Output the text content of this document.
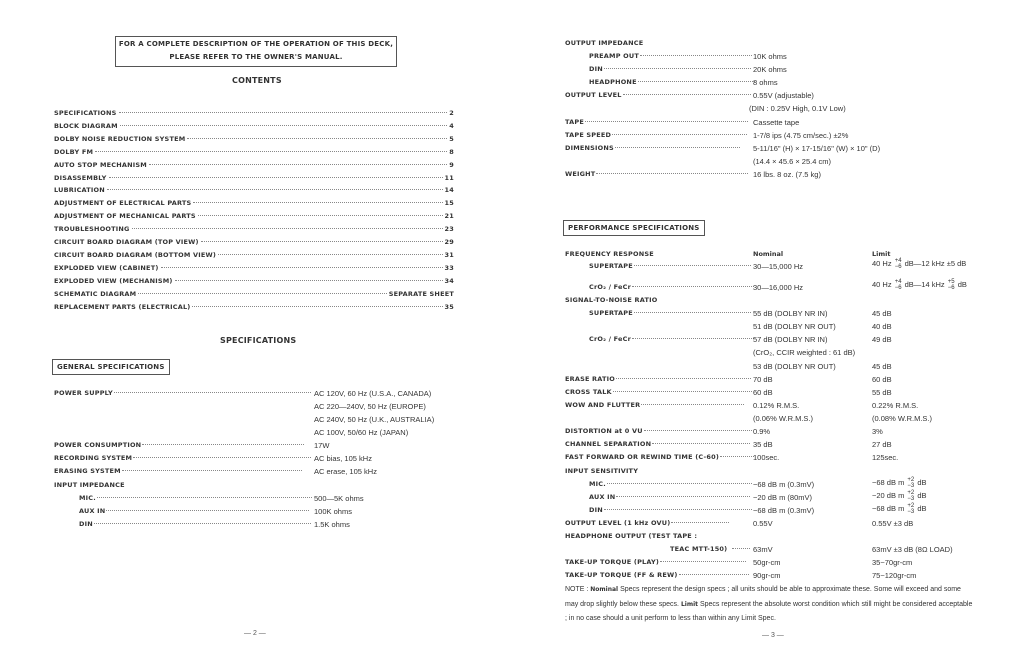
FOR A COMPLETE DESCRIPTION OF THE OPERATION OF THIS DECK,
PLEASE REFER TO THE OWNER'S MANUAL.
CONTENTS
SPECIFICATIONS	2
BLOCK DIAGRAM	4
DOLBY NOISE REDUCTION SYSTEM	5
DOLBY FM	8
AUTO STOP MECHANISM	9
DISASSEMBLY	11
LUBRICATION	14
ADJUSTMENT OF ELECTRICAL PARTS	15
ADJUSTMENT OF MECHANICAL PARTS	21
TROUBLESHOOTING	23
CIRCUIT BOARD DIAGRAM (TOP VIEW)	29
CIRCUIT BOARD DIAGRAM (BOTTOM VIEW)	31
EXPLODED VIEW (CABINET)	33
EXPLODED VIEW (MECHANISM)	34
SCHEMATIC DIAGRAM	SEPARATE SHEET
REPLACEMENT PARTS (ELECTRICAL)	35
SPECIFICATIONS
GENERAL SPECIFICATIONS
POWER SUPPLY	AC 120V, 60 Hz (U.S.A., CANADA)
AC 220—240V, 50 Hz (EUROPE)
AC 240V, 50 Hz (U.K., AUSTRALIA)
AC 100V, 50/60 Hz (JAPAN)
POWER CONSUMPTION	17W
RECORDING SYSTEM	AC bias, 105 kHz
ERASING SYSTEM	AC erase, 105 kHz
INPUT IMPEDANCE
MIC.	500—5K ohms
AUX IN	100K ohms
DIN	1.5K ohms
— 2 —
OUTPUT IMPEDANCE
PREAMP OUT	10K ohms
DIN	20K ohms
HEADPHONE	8 ohms
OUTPUT LEVEL	0.55V (adjustable)
(DIN : 0.25V High, 0.1V Low)
TAPE	Cassette tape
TAPE SPEED	1-7/8 ips (4.75 cm/sec.) ±2%
DIMENSIONS	5-11/16" (H) × 17-15/16" (W) × 10" (D)
(14.4 × 45.6 × 25.4 cm)
WEIGHT	16 lbs. 8 oz. (7.5 kg)
PERFORMANCE SPECIFICATIONS
FREQUENCY RESPONSE	Nominal	Limit
SUPERTAPE	30—15,000 Hz	40 Hz +4
−6 dB—12 kHz ±5 dB
CrO₂ / FeCr	30—16,000 Hz	40 Hz +4
−6 dB—14 kHz +5
−6 dB
SIGNAL-TO-NOISE RATIO
SUPERTAPE	55 dB (DOLBY NR IN)	45 dB
51 dB (DOLBY NR OUT)	40 dB
CrO₂ / FeCr	57 dB (DOLBY NR IN)	49 dB
(CrO₂, CCIR weighted : 61 dB)
53 dB (DOLBY NR OUT)	45 dB
ERASE RATIO	70 dB	60 dB
CROSS TALK	60 dB	55 dB
WOW AND FLUTTER	0.12% R.M.S.	0.22% R.M.S.
(0.06% W.R.M.S.)	(0.08% W.R.M.S.)
DISTORTION at 0 VU	0.9%	3%
CHANNEL SEPARATION	35 dB	27 dB
FAST FORWARD OR REWIND TIME (C-60)	100sec.	125sec.
INPUT SENSITIVITY
MIC.	−68 dB m (0.3mV)	−68 dB m +2
−3 dB
AUX IN	−20 dB m (80mV)	−20 dB m +2
−3 dB
DIN	−68 dB m (0.3mV)	−68 dB m +2
−3 dB
OUTPUT LEVEL (1 kHz OVU)	0.55V	0.55V ±3 dB
HEADPHONE OUTPUT (TEST TAPE :
TEAC MTT-150)	63mV	63mV ±3 dB (8Ω LOAD)
TAKE-UP TORQUE (PLAY)	50gr-cm	35~70gr-cm
TAKE-UP TORQUE (FF & REW)	90gr-cm	75~120gr-cm
NOTE : Nominal Specs represent the design specs ; all units should be able to approximate these. Some will exceed and some may drop slightly below these specs. Limit Specs represent the absolute worst condition which still might be considered acceptable ; in no case should a unit perform to less than within any Limit Spec.
— 3 —
